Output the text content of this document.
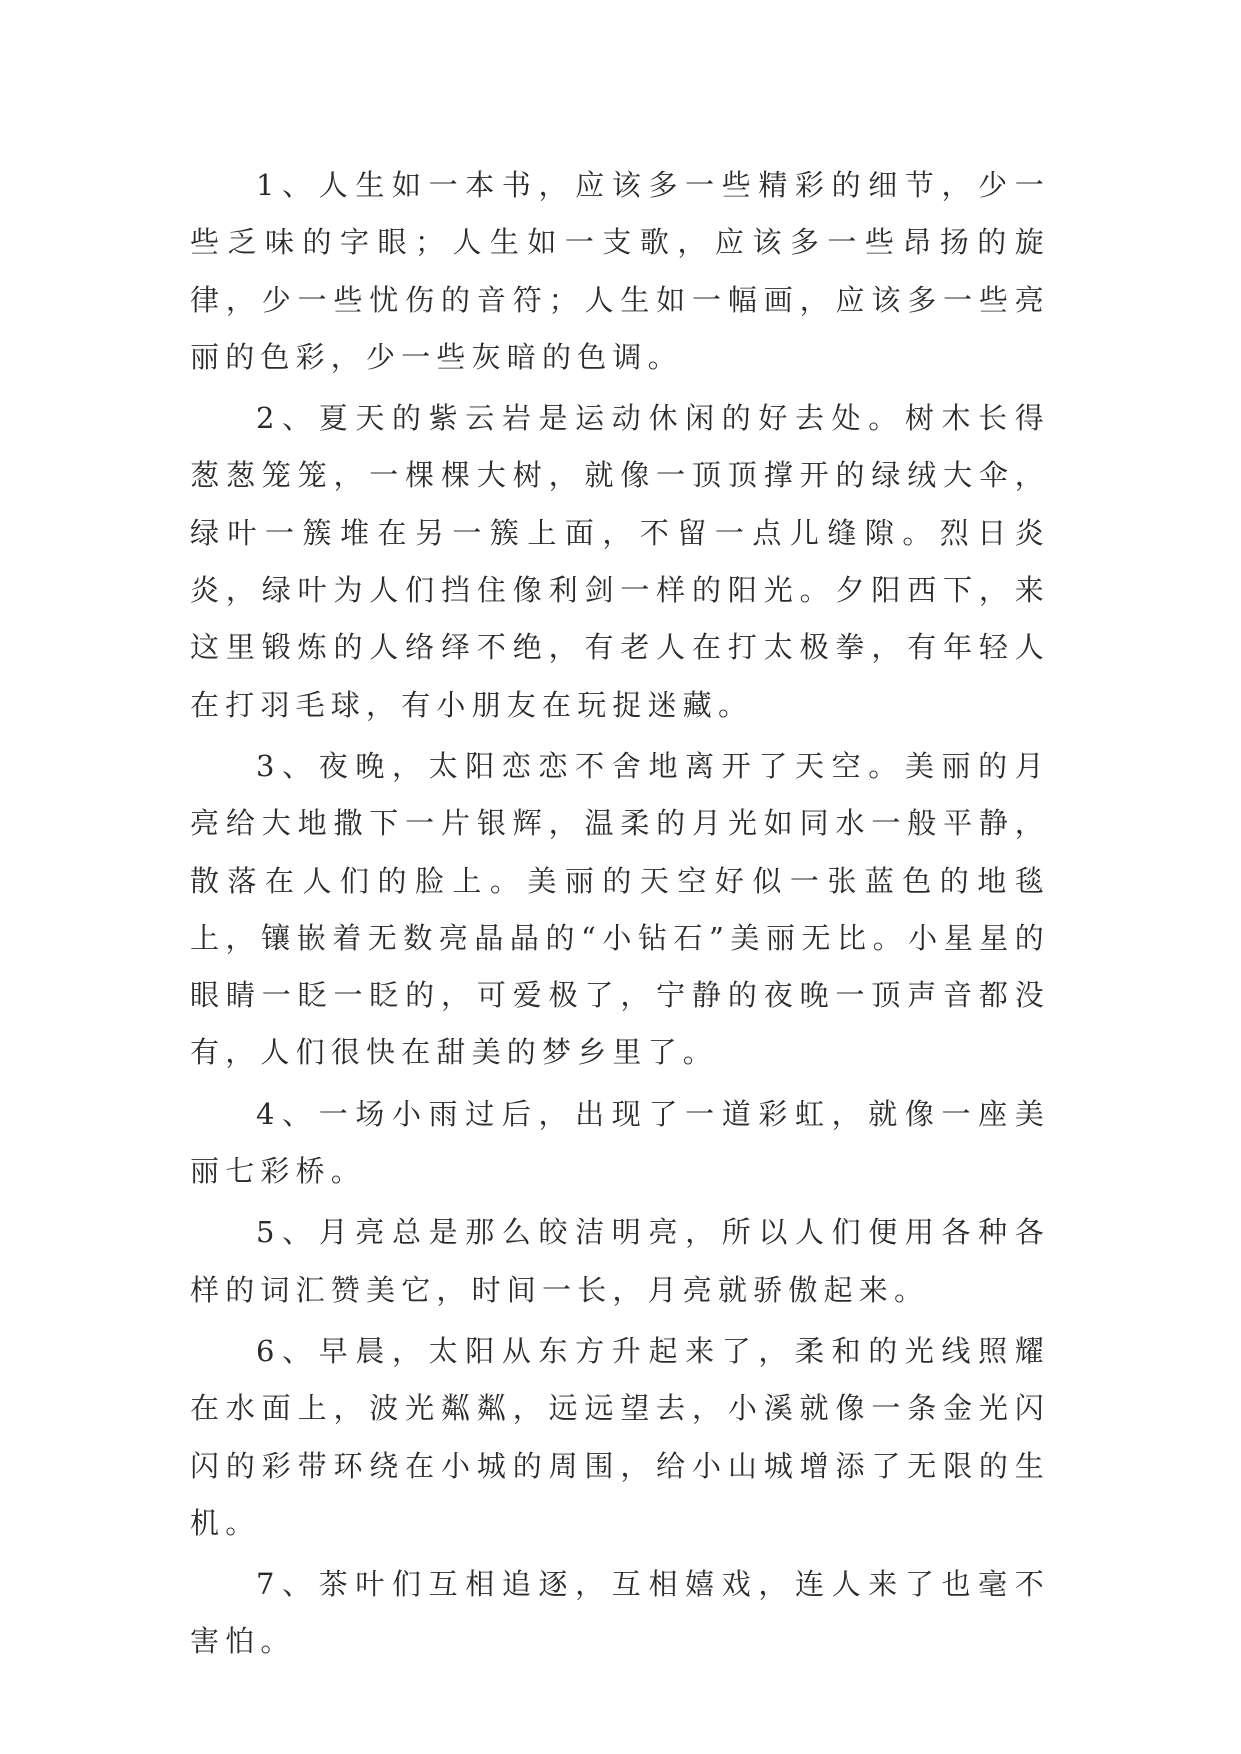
1、人生如一本书，应该多一些精彩的细节，少一些乏味的字眼；人生如一支歌，应该多一些昂扬的旋律，少一些忧伤的音符；人生如一幅画，应该多一些亮丽的色彩，少一些灰暗的色调。

2、夏天的紫云岩是运动休闲的好去处。树木长得葱葱笼笼，一棵棵大树，就像一顶顶撑开的绿绒大伞，绿叶一簇堆在另一簇上面，不留一点儿缝隙。烈日炎炎，绿叶为人们挡住像利剑一样的阳光。夕阳西下，来这里锻炼的人络绎不绝，有老人在打太极拳，有年轻人在打羽毛球，有小朋友在玩捉迷藏。

3、夜晚，太阳恋恋不舍地离开了天空。美丽的月亮给大地撒下一片银辉，温柔的月光如同水一般平静，散落在人们的脸上。美丽的天空好似一张蓝色的地毯上，镶嵌着无数亮晶晶的“小钻石”美丽无比。小星星的眼睛一眨一眨的，可爱极了，宁静的夜晚一顶声音都没有，人们很快在甜美的梦乡里了。

4、一场小雨过后，出现了一道彩虹，就像一座美丽七彩桥。

5、月亮总是那么皎洁明亮，所以人们便用各种各样的词汇赞美它，时间一长，月亮就骄傲起来。

6、早晨，太阳从东方升起来了，柔和的光线照耀在水面上，波光粼粼，远远望去，小溪就像一条金光闪闪的彩带环绕在小城的周围，给小山城增添了无限的生机。

7、茶叶们互相追逐，互相嬉戏，连人来了也毫不害怕。
